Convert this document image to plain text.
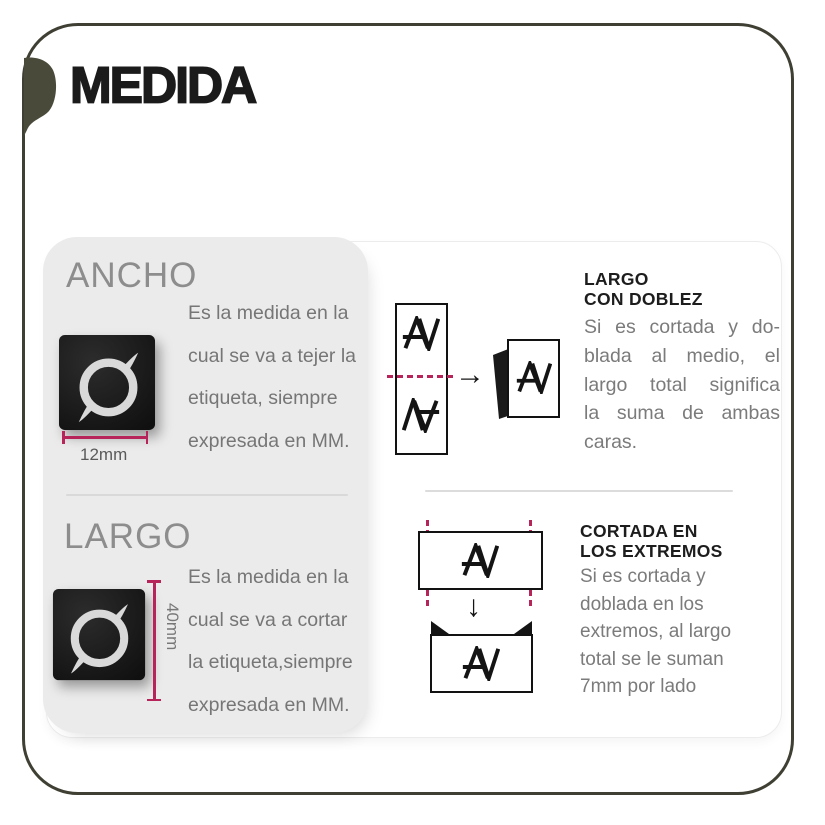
MEDIDA
ANCHO
12mm
Es la medida en la
cual se va a tejer la
etiqueta, siempre
expresada en MM.
LARGO
40mm
Es la medida en la
cual se va a cortar
la etiqueta,siempre
expresada en MM.
→
LARGO
CON DOBLEZ
Si es cortada y do-
blada al medio, el
largo total significa
la suma de ambas
caras.
↓
CORTADA EN
LOS EXTREMOS
Si es cortada y
doblada en los
extremos, al largo
total se le suman
7mm por lado
